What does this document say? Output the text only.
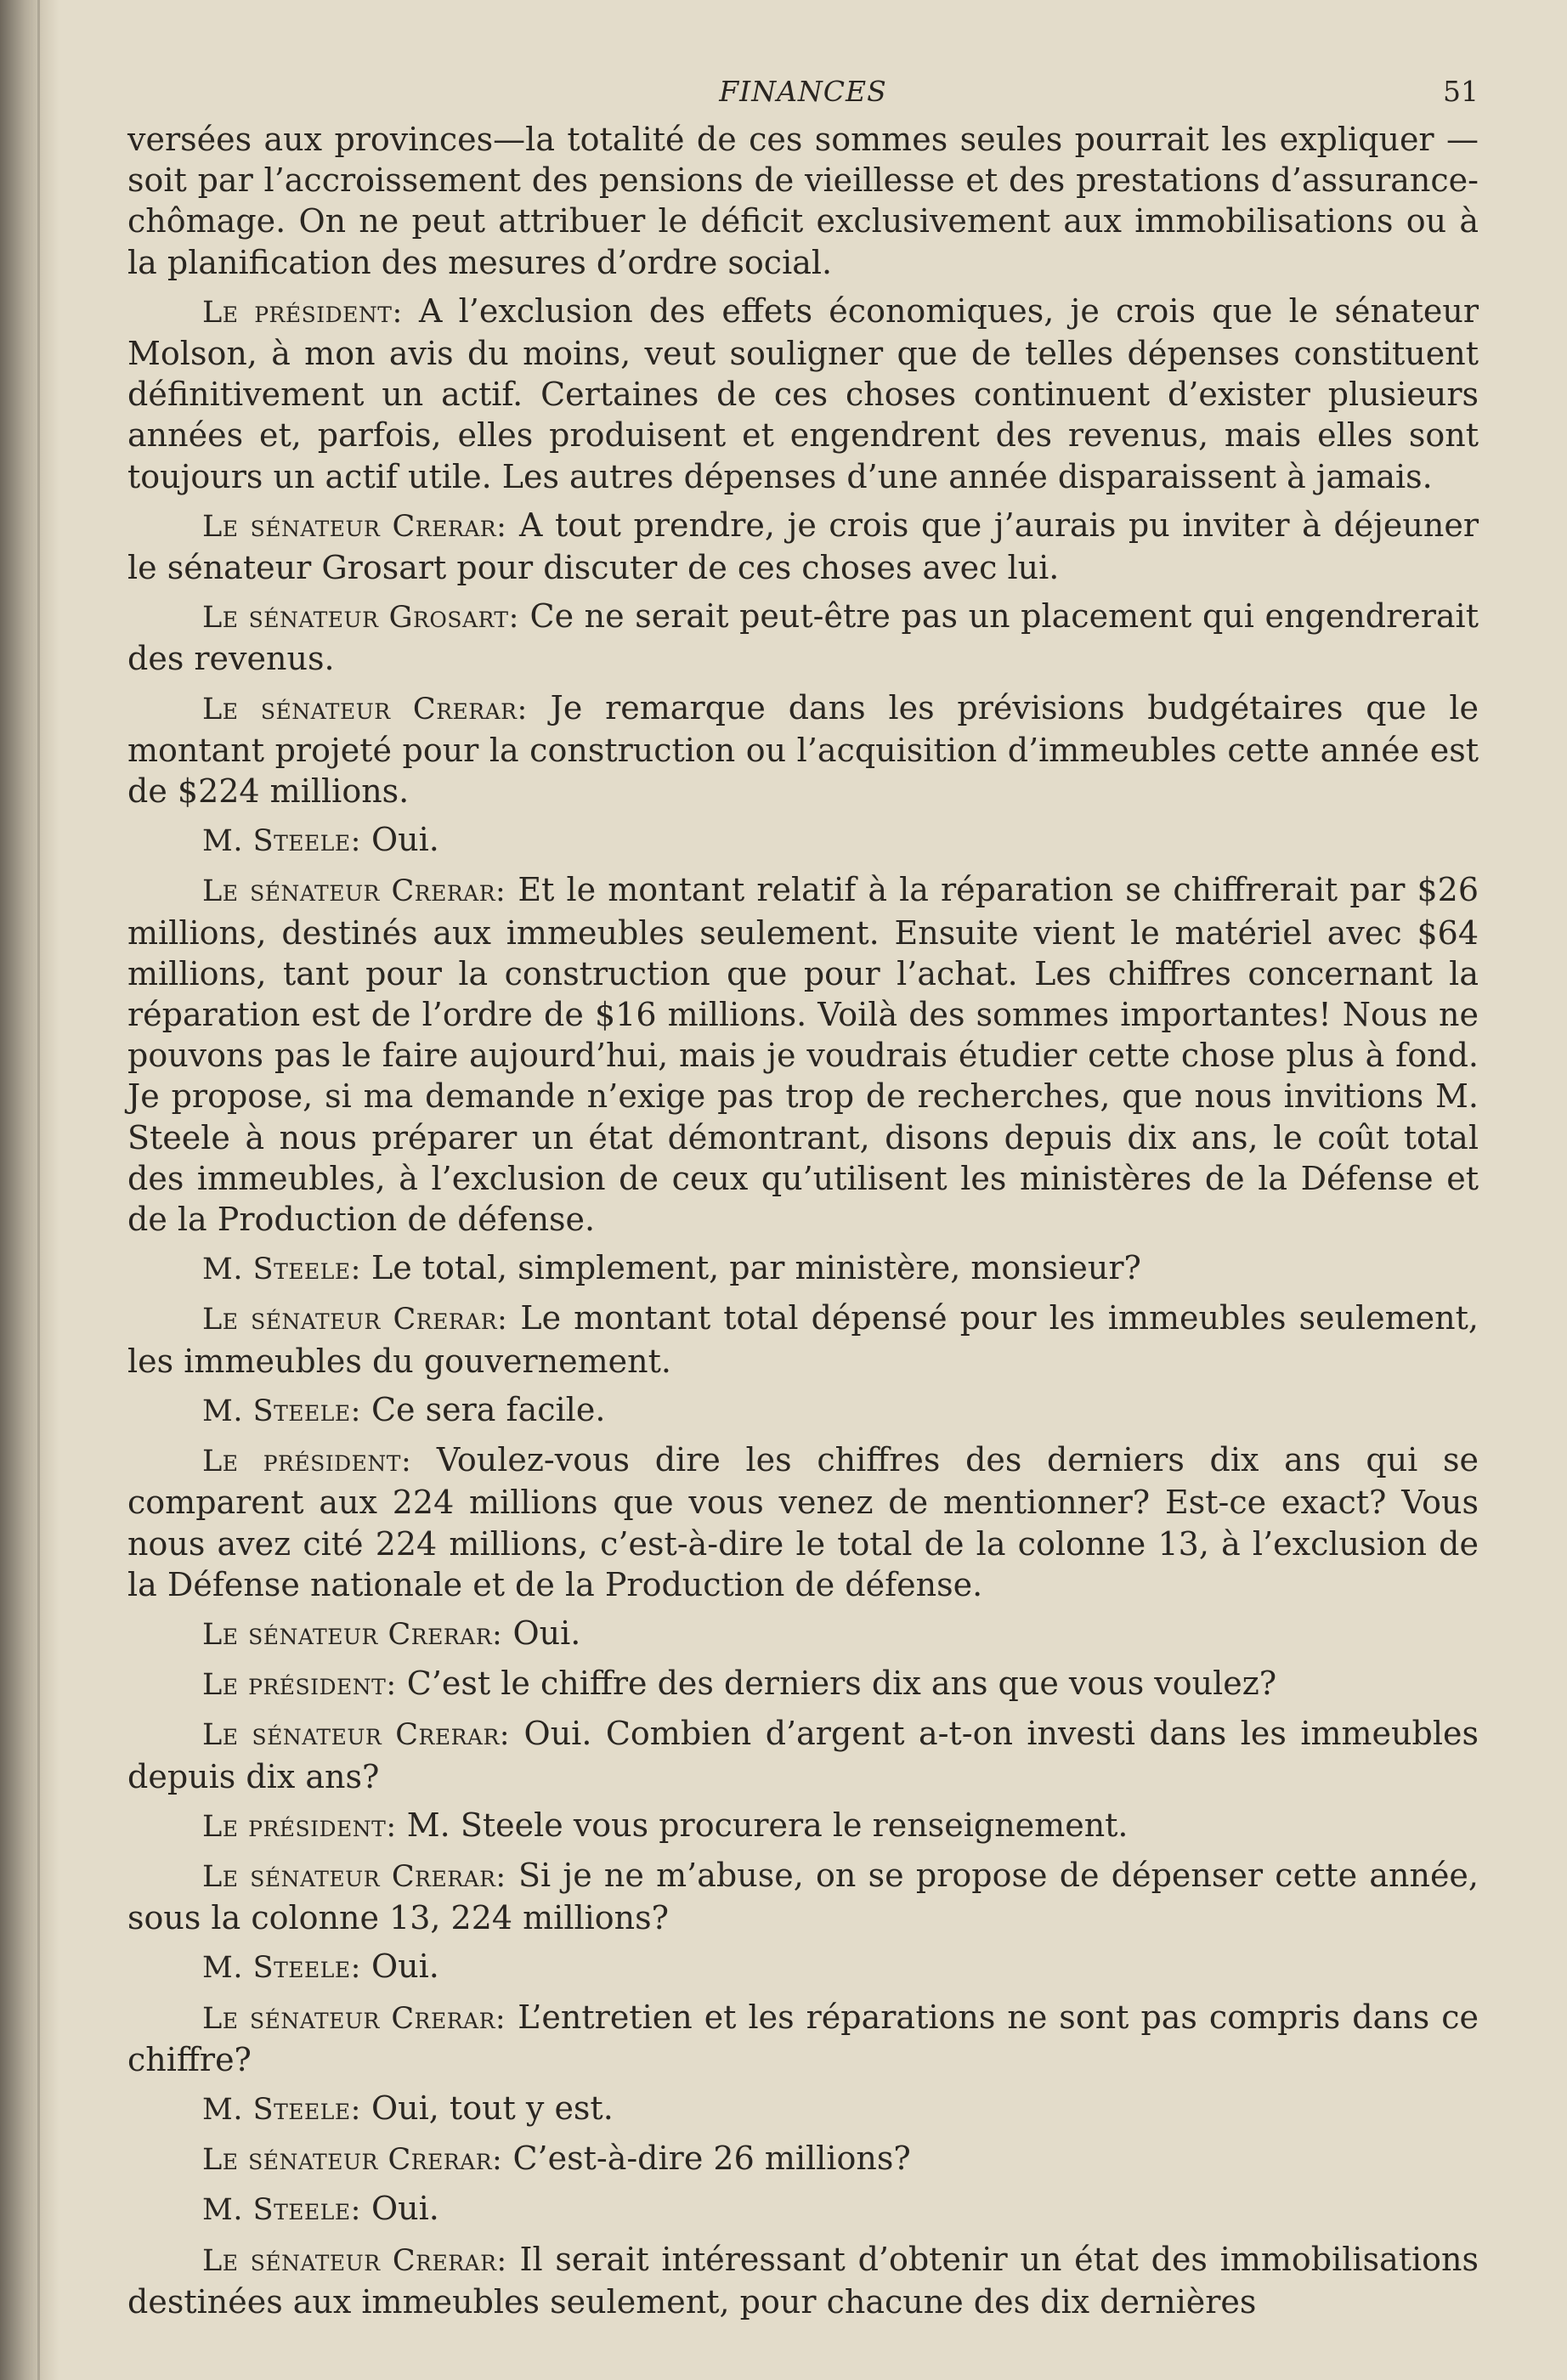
FINANCES	51

versées aux provinces—la totalité de ces sommes seules pourrait les expliquer —soit par l’accroissement des pensions de vieillesse et des prestations d’assurance-chômage. On ne peut attribuer le déficit exclusivement aux immobilisations ou à la planification des mesures d’ordre social.

Le président: A l’exclusion des effets économiques, je crois que le sénateur Molson, à mon avis du moins, veut souligner que de telles dépenses constituent définitivement un actif. Certaines de ces choses continuent d’exister plusieurs années et, parfois, elles produisent et engendrent des revenus, mais elles sont toujours un actif utile. Les autres dépenses d’une année disparaissent à jamais.

Le sénateur Crerar: A tout prendre, je crois que j’aurais pu inviter à déjeuner le sénateur Grosart pour discuter de ces choses avec lui.

Le sénateur Grosart: Ce ne serait peut-être pas un placement qui engendrerait des revenus.

Le sénateur Crerar: Je remarque dans les prévisions budgétaires que le montant projeté pour la construction ou l’acquisition d’immeubles cette année est de $224 millions.

M. Steele: Oui.

Le sénateur Crerar: Et le montant relatif à la réparation se chiffrerait par $26 millions, destinés aux immeubles seulement. Ensuite vient le matériel avec $64 millions, tant pour la construction que pour l’achat. Les chiffres concernant la réparation est de l’ordre de $16 millions. Voilà des sommes importantes! Nous ne pouvons pas le faire aujourd’hui, mais je voudrais étudier cette chose plus à fond. Je propose, si ma demande n’exige pas trop de recherches, que nous invitions M. Steele à nous préparer un état démontrant, disons depuis dix ans, le coût total des immeubles, à l’exclusion de ceux qu’utilisent les ministères de la Défense et de la Production de défense.

M. Steele: Le total, simplement, par ministère, monsieur?

Le sénateur Crerar: Le montant total dépensé pour les immeubles seulement, les immeubles du gouvernement.

M. Steele: Ce sera facile.

Le président: Voulez-vous dire les chiffres des derniers dix ans qui se comparent aux 224 millions que vous venez de mentionner? Est-ce exact? Vous nous avez cité 224 millions, c’est-à-dire le total de la colonne 13, à l’exclusion de la Défense nationale et de la Production de défense.

Le sénateur Crerar: Oui.

Le président: C’est le chiffre des derniers dix ans que vous voulez?

Le sénateur Crerar: Oui. Combien d’argent a-t-on investi dans les immeubles depuis dix ans?

Le président: M. Steele vous procurera le renseignement.

Le sénateur Crerar: Si je ne m’abuse, on se propose de dépenser cette année, sous la colonne 13, 224 millions?

M. Steele: Oui.

Le sénateur Crerar: L’entretien et les réparations ne sont pas compris dans ce chiffre?

M. Steele: Oui, tout y est.

Le sénateur Crerar: C’est-à-dire 26 millions?

M. Steele: Oui.

Le sénateur Crerar: Il serait intéressant d’obtenir un état des immobilisations destinées aux immeubles seulement, pour chacune des dix dernières
